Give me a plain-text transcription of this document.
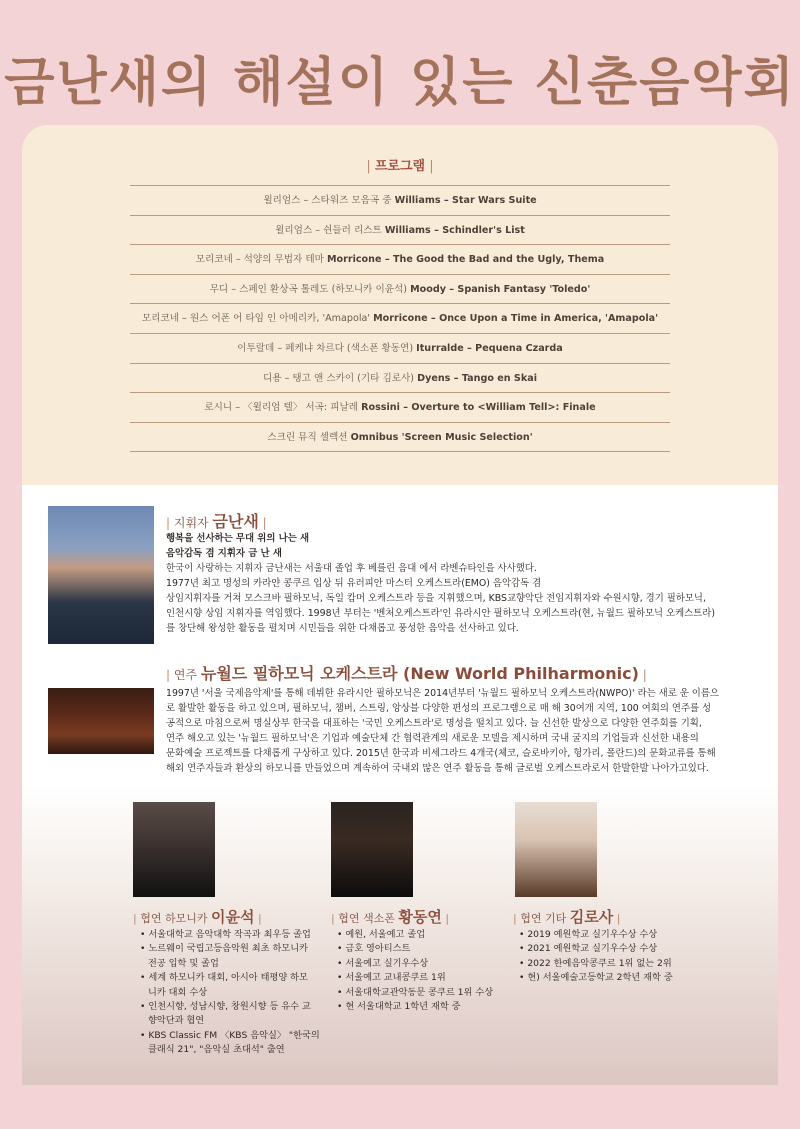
금난새의 해설이 있는 신춘음악회
| 프로그램 |
윌리엄스 – 스타워즈 모음곡 중 Williams – Star Wars Suite
윌리엄스 – 쉰들러 리스트 Williams – Schindler's List
모리코네 – 석양의 무법자 테마 Morricone – The Good the Bad and the Ugly, Thema
무디 – 스페인 환상곡 톨레도 (하모니카 이윤석) Moody – Spanish Fantasy 'Toledo'
모리코네 – 원스 어폰 어 타임 인 아메리카, 'Amapola' Morricone – Once Upon a Time in America, 'Amapola'
이투랄데 – 페케냐 차르다 (색소폰 황동연) Iturralde – Pequena Czarda
디용 – 탱고 앤 스카이 (기타 김로사) Dyens – Tango en Skai
로시니 – 〈윌리엄 텔〉 서곡: 피날레 Rossini – Overture to <William Tell>: Finale
스크린 뮤직 셀렉션 Omnibus 'Screen Music Selection'
| 지휘자 금난새 |
행복을 선사하는 무대 위의 나는 새
음악감독 겸 지휘자 금 난 새
한국이 사랑하는 지휘자 금난새는 서울대 졸업 후 베를린 음대 에서 라벤슈타인을 사사했다.
1977년 최고 명성의 카라얀 콩쿠르 입상 뒤 유러피안 마스터 오케스트라(EMO) 음악감독 겸
상임지휘자를 거쳐 모스크바 필하모닉, 독일 캄머 오케스트라 등을 지휘했으며, KBS교향악단 전임지휘자와 수원시향, 경기 필하모닉,
인천시향 상임 지휘자를 역임했다. 1998년 부터는 '벤처오케스트라'인 유라시안 필하모닉 오케스트라(현, 뉴월드 필하모닉 오케스트라)
를 창단해 왕성한 활동을 펼치며 시민들을 위한 다채롭고 풍성한 음악을 선사하고 있다.
| 연주 뉴월드 필하모닉 오케스트라 (New World Philharmonic) |
1997년 '서울 국제음악제'를 통해 데뷔한 유라시안 필하모닉은 2014년부터 '뉴월드 필하모닉 오케스트라(NWPO)' 라는 새로 운 이름으
로 활발한 활동을 하고 있으며, 필하모닉, 챔버, 스트링, 앙상블 다양한 편성의 프로그램으로 매 해 30여개 지역, 100 여회의 연주를 성
공적으로 마침으로써 명실상부 한국을 대표하는 '국민 오케스트라'로 명성을 떨치고 있다. 늘 신선한 발상으로 다양한 연주회를 기획,
연주 해오고 있는 '뉴월드 필하모닉'은 기업과 예술단체 간 협력관계의 새로운 모델을 제시하며 국내 굴지의 기업들과 신선한 내용의
문화예술 프로젝트를 다채롭게 구상하고 있다. 2015년 한국과 비세그라드 4개국(체코, 슬로바키아, 헝가리, 폴란드)의 문화교류를 통해
해외 연주자들과 환상의 하모니를 만들었으며 계속하여 국내외 많은 연주 활동을 통해 글로벌 오케스트라로서 한발한발 나아가고있다.
| 협연 하모니카 이윤석 |	| 협연 색소폰 황동연 |	| 협연 기타 김로사 |
• 서울대학교 음악대학 작곡과 최우등 졸업
• 노르웨이 국립고등음악원 최초 하모니카
전공 입학 및 졸업
• 세계 하모니카 대회, 아시아 태평양 하모
니카 대회 수상
• 인천시향, 성남시향, 창원시향 등 유수 교
향악단과 협연
• KBS Classic FM 〈KBS 음악실〉 "한국의
클래식 21", "음악실 초대석" 출연
• 예원, 서울예고 졸업
• 금호 영아티스트
• 서울예고 실기우수상
• 서울예고 교내콩쿠르 1위
• 서울대학교관악동문 콩쿠르 1위 수상
• 현 서울대학교 1학년 재학 중
• 2019 예원학교 실기우수상 수상
• 2021 예원학교 실기우수상 수상
• 2022 한예음악콩쿠르 1위 없는 2위
• 현) 서울예술고등학교 2학년 재학 중
